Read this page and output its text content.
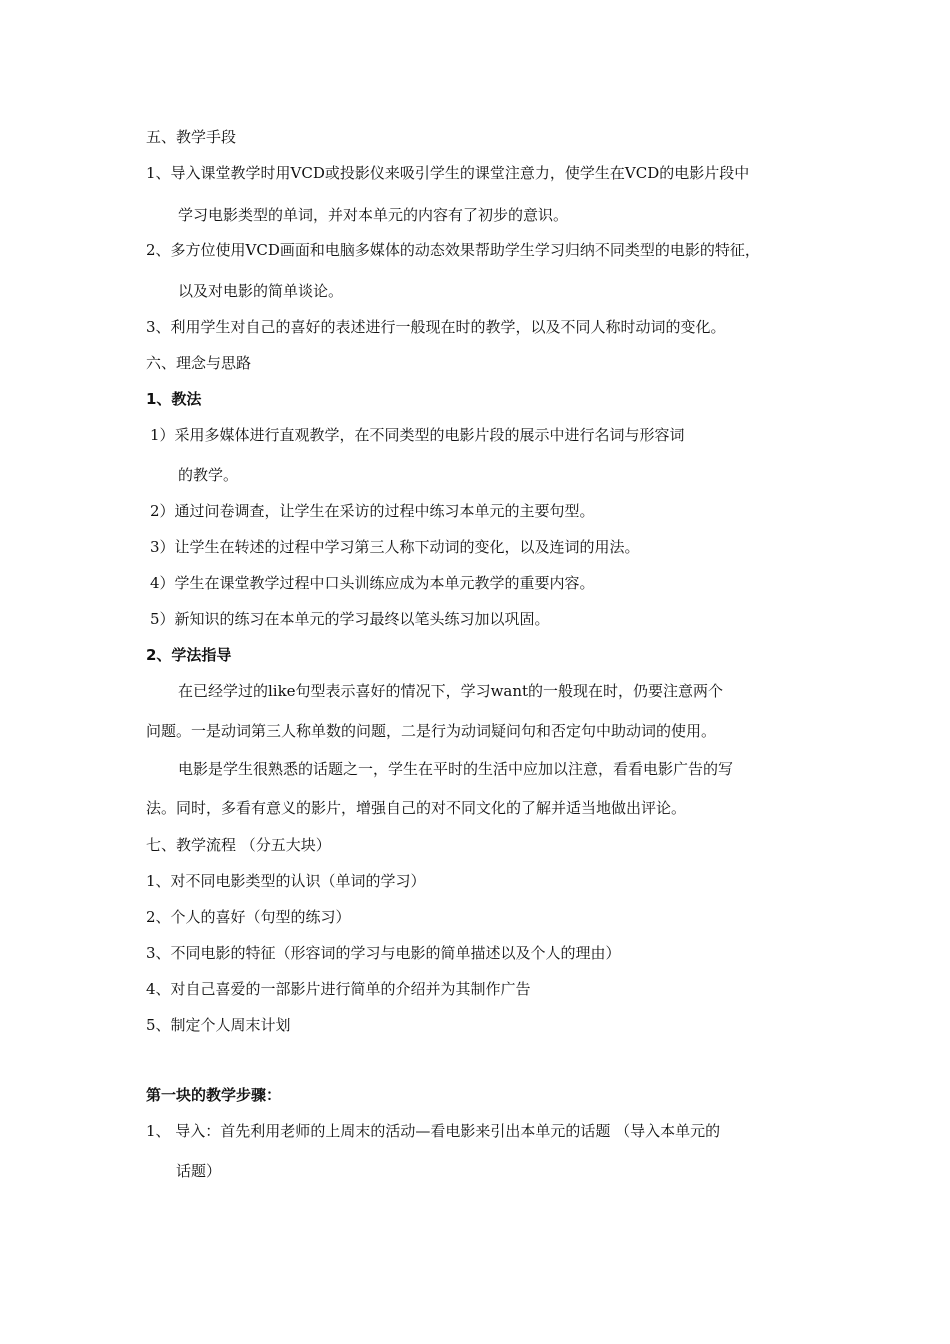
五、教学手段
1、导入课堂教学时用VCD或投影仪来吸引学生的课堂注意力，使学生在VCD的电影片段中
学习电影类型的单词，并对本单元的内容有了初步的意识。
2、多方位使用VCD画面和电脑多媒体的动态效果帮助学生学习归纳不同类型的电影的特征，
以及对电影的简单谈论。
3、利用学生对自己的喜好的表述进行一般现在时的教学，以及不同人称时动词的变化。
六、理念与思路
1、教法
1）采用多媒体进行直观教学，在不同类型的电影片段的展示中进行名词与形容词
的教学。
2）通过问卷调查，让学生在采访的过程中练习本单元的主要句型。
3）让学生在转述的过程中学习第三人称下动词的变化，以及连词的用法。
4）学生在课堂教学过程中口头训练应成为本单元教学的重要内容。
5）新知识的练习在本单元的学习最终以笔头练习加以巩固。
2、学法指导
在已经学过的like句型表示喜好的情况下，学习want的一般现在时，仍要注意两个
问题。一是动词第三人称单数的问题，二是行为动词疑问句和否定句中助动词的使用。
电影是学生很熟悉的话题之一，学生在平时的生活中应加以注意，看看电影广告的写
法。同时，多看有意义的影片，增强自己的对不同文化的了解并适当地做出评论。
七、教学流程 （分五大块）
1、对不同电影类型的认识（单词的学习）
2、个人的喜好（句型的练习）
3、不同电影的特征（形容词的学习与电影的简单描述以及个人的理由）
4、对自己喜爱的一部影片进行简单的介绍并为其制作广告
5、制定个人周末计划
第一块的教学步骤：
1、 导入：首先利用老师的上周末的活动—看电影来引出本单元的话题 （导入本单元的
话题）
